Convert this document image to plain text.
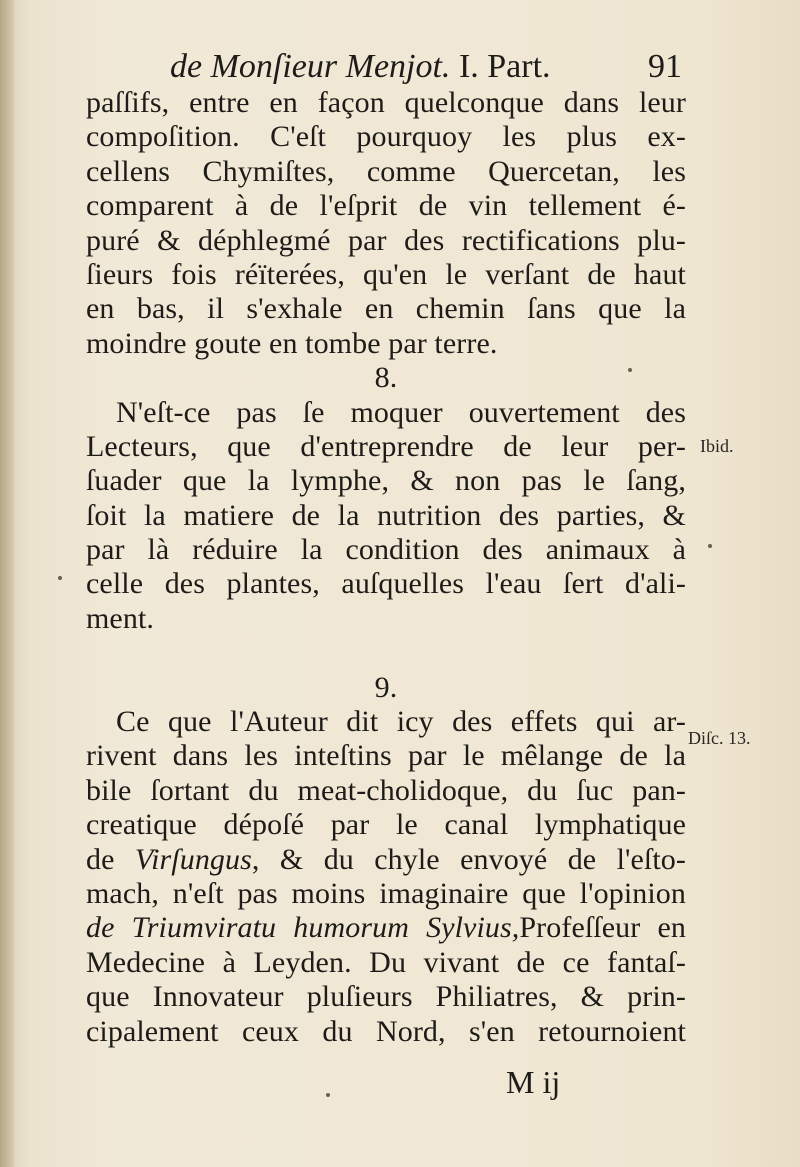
de Monſieur Menjot. I. Part.	91
paſſifs, entre en façon quelconque dans leur
compoſition. C'eſt pourquoy les plus ex-
cellens Chymiſtes, comme Quercetan, les
comparent à de l'eſprit de vin tellement é-
puré & déphlegmé par des rectifications plu-
ſieurs fois réïterées, qu'en le verſant de haut
en bas, il s'exhale en chemin ſans que la
moindre goute en tombe par terre.
8.
N'eſt-ce pas ſe moquer ouvertement des
Lecteurs, que d'entreprendre de leur per-
ſuader que la lymphe, & non pas le ſang,
ſoit la matiere de la nutrition des parties, &
par là réduire la condition des animaux à
celle des plantes, auſquelles l'eau ſert d'ali-
ment.
9.
Ce que l'Auteur dit icy des effets qui ar-
rivent dans les inteſtins par le mêlange de la
bile ſortant du meat-cholidoque, du ſuc pan-
creatique dépoſé par le canal lymphatique
de Virſungus, & du chyle envoyé de l'eſto-
mach, n'eſt pas moins imaginaire que l'opinion
de Triumviratu humorum Sylvius,Profeſſeur en
Medecine à Leyden. Du vivant de ce fantaſ-
que Innovateur pluſieurs Philiatres, & prin-
cipalement ceux du Nord, s'en retournoient
Ibid.
Diſc. 13.
M ij
